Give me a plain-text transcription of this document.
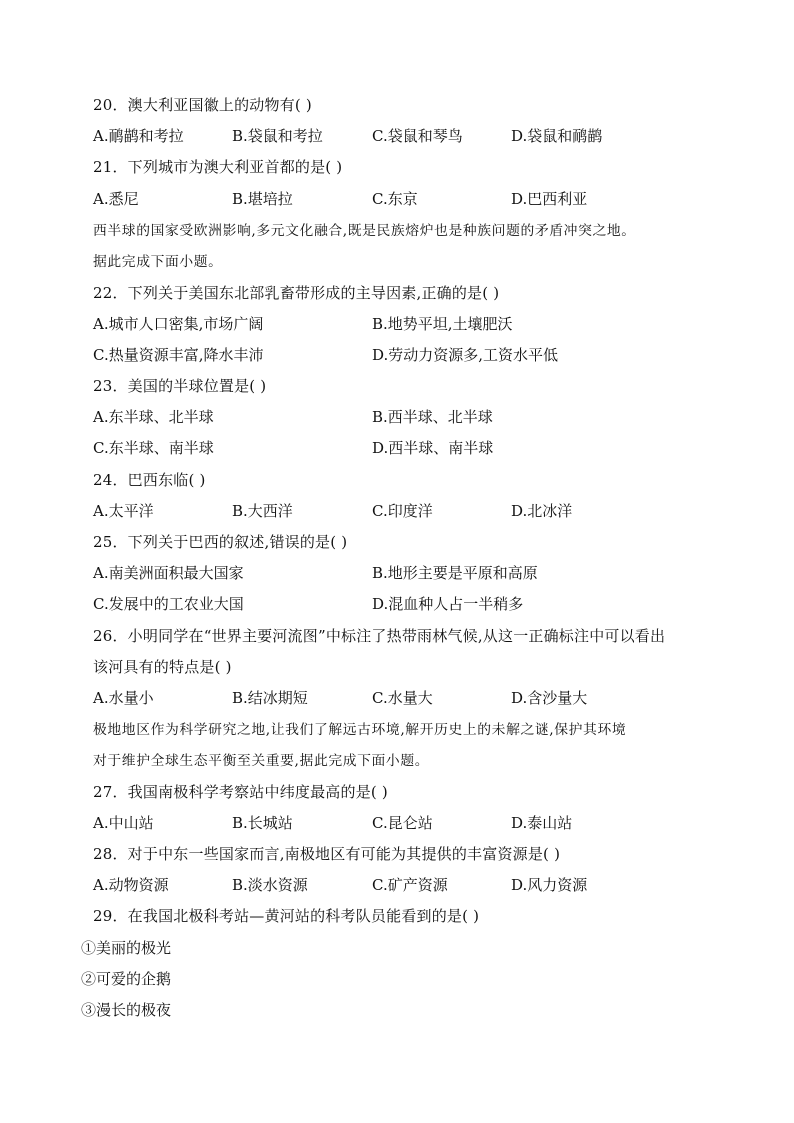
20．澳大利亚国徽上的动物有( )
A.鸸鹋和考拉	B.袋鼠和考拉	C.袋鼠和琴鸟	D.袋鼠和鸸鹋
21．下列城市为澳大利亚首都的是( )
A.悉尼	B.堪培拉	C.东京	D.巴西利亚
西半球的国家受欧洲影响,多元文化融合,既是民族熔炉也是种族问题的矛盾冲突之地。
据此完成下面小题。
22．下列关于美国东北部乳畜带形成的主导因素,正确的是( )
A.城市人口密集,市场广阔	B.地势平坦,土壤肥沃
C.热量资源丰富,降水丰沛	D.劳动力资源多,工资水平低
23．美国的半球位置是( )
A.东半球、北半球	B.西半球、北半球
C.东半球、南半球	D.西半球、南半球
24．巴西东临( )
A.太平洋	B.大西洋	C.印度洋	D.北冰洋
25．下列关于巴西的叙述,错误的是( )
A.南美洲面积最大国家	B.地形主要是平原和高原
C.发展中的工农业大国	D.混血种人占一半稍多
26．小明同学在“世界主要河流图”中标注了热带雨林气候,从这一正确标注中可以看出
该河具有的特点是( )
A.水量小	B.结冰期短	C.水量大	D.含沙量大
极地地区作为科学研究之地,让我们了解远古环境,解开历史上的未解之谜,保护其环境
对于维护全球生态平衡至关重要,据此完成下面小题。
27．我国南极科学考察站中纬度最高的是( )
A.中山站	B.长城站	C.昆仑站	D.泰山站
28．对于中东一些国家而言,南极地区有可能为其提供的丰富资源是( )
A.动物资源	B.淡水资源	C.矿产资源	D.风力资源
29．在我国北极科考站—黄河站的科考队员能看到的是( )
①美丽的极光
②可爱的企鹅
③漫长的极夜
